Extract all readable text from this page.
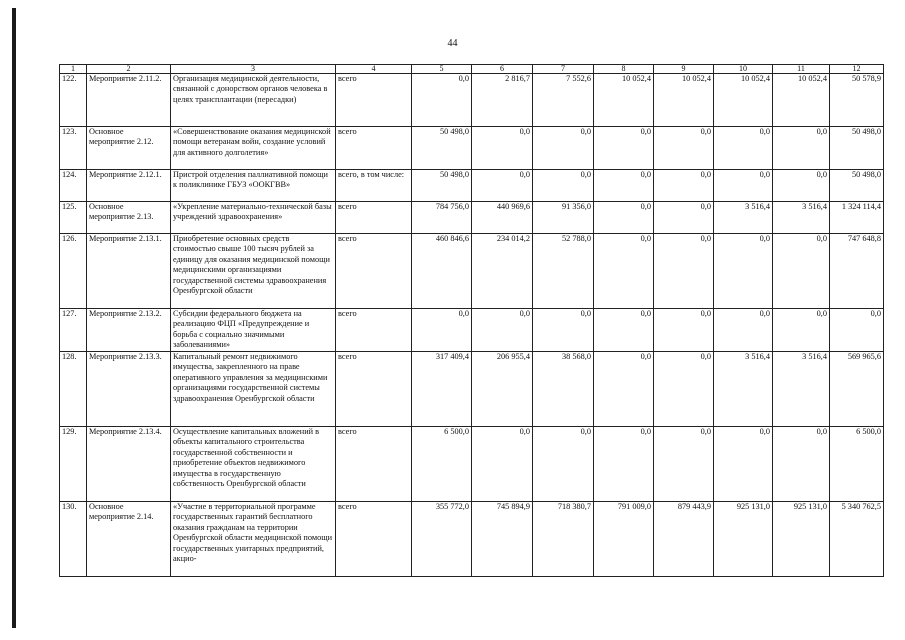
44
1	2	3	4	5	6	7	8	9	10	11	12
122.	Мероприятие 2.11.2.	Организация медицинской деятельности, связанной с донорством органов человека в целях трансплантации (пересадки)	всего	0,0	2 816,7	7 552,6	10 052,4	10 052,4	10 052,4	10 052,4	50 578,9
123.	Основное мероприятие 2.12.	«Совершенствование оказания медицинской помощи ветеранам войн, создание условий для активного долголетия»	всего	50 498,0	0,0	0,0	0,0	0,0	0,0	0,0	50 498,0
124.	Мероприятие 2.12.1.	Пристрой отделения паллиативной помощи к поликлинике ГБУЗ «ООКГВВ»	всего, в том числе:	50 498,0	0,0	0,0	0,0	0,0	0,0	0,0	50 498,0
125.	Основное мероприятие 2.13.	«Укрепление материально-технической базы учреждений здравоохранения»	всего	784 756,0	440 969,6	91 356,0	0,0	0,0	3 516,4	3 516,4	1 324 114,4
126.	Мероприятие 2.13.1.	Приобретение основных средств стоимостью свыше 100 тысяч рублей за единицу для оказания медицинской помощи медицинскими организациями государственной системы здравоохранения Оренбургской области	всего	460 846,6	234 014,2	52 788,0	0,0	0,0	0,0	0,0	747 648,8
127.	Мероприятие 2.13.2.	Субсидии федерального бюджета на реализацию ФЦП «Предупреждение и борьба с социально значимыми заболеваниями»	всего	0,0	0,0	0,0	0,0	0,0	0,0	0,0	0,0
128.	Мероприятие 2.13.3.	Капитальный ремонт недвижимого имущества, закрепленного на праве оперативного управления за медицинскими организациями государственной системы здравоохранения Оренбургской области	всего	317 409,4	206 955,4	38 568,0	0,0	0,0	3 516,4	3 516,4	569 965,6
129.	Мероприятие 2.13.4.	Осуществление капитальных вложений в объекты капитального строительства государственной собственности и приобретение объектов недвижимого имущества в государственную собственность Оренбургской области	всего	6 500,0	0,0	0,0	0,0	0,0	0,0	0,0	6 500,0
130.	Основное мероприятие 2.14.	«Участие в территориальной программе государственных гарантий бесплатного оказания гражданам на территории Оренбургской области медицинской помощи государственных унитарных предприятий, акцио-	всего	355 772,0	745 894,9	718 380,7	791 009,0	879 443,9	925 131,0	925 131,0	5 340 762,5
